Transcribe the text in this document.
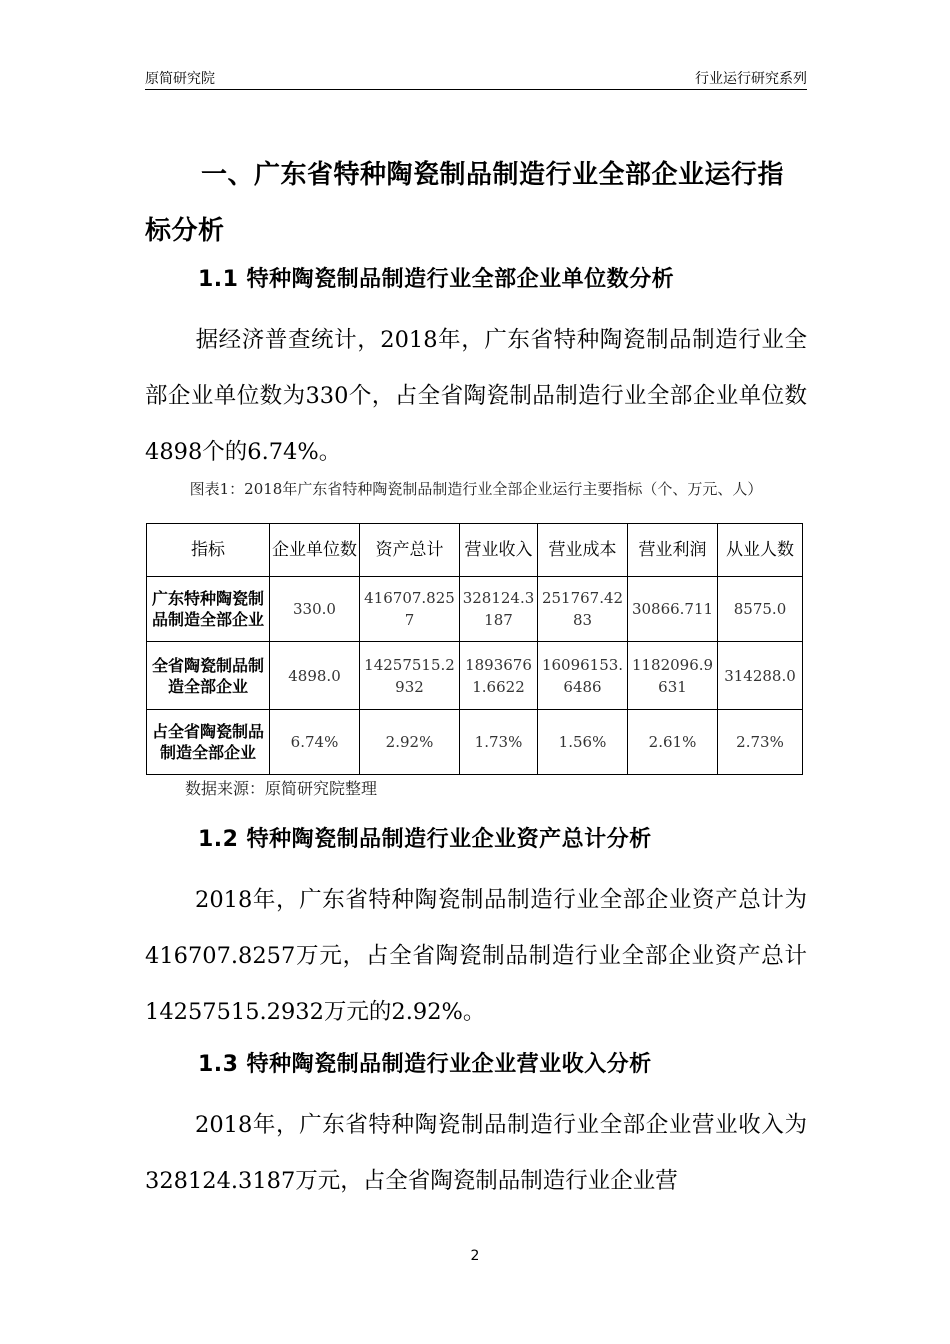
原简研究院	行业运行研究系列
一、广东省特种陶瓷制品制造行业全部企业运行指标分析
1.1 特种陶瓷制品制造行业全部企业单位数分析
据经济普查统计，2018年，广东省特种陶瓷制品制造行业全部企业单位数为330个，占全省陶瓷制品制造行业全部企业单位数4898个的6.74%。
图表1：2018年广东省特种陶瓷制品制造行业全部企业运行主要指标（个、万元、人）
指标	企业单位数	资产总计	营业收入	营业成本	营业利润	从业人数
广东特种陶瓷制品制造全部企业	330.0	416707.8257	328124.3187	251767.4283	30866.711	8575.0
全省陶瓷制品制造全部企业	4898.0	14257515.2932	18936761.6622	16096153.6486	1182096.9631	314288.0
占全省陶瓷制品制造全部企业	6.74%	2.92%	1.73%	1.56%	2.61%	2.73%
数据来源：原简研究院整理
1.2 特种陶瓷制品制造行业企业资产总计分析
2018年，广东省特种陶瓷制品制造行业全部企业资产总计为416707.8257万元，占全省陶瓷制品制造行业全部企业资产总计14257515.2932万元的2.92%。
1.3 特种陶瓷制品制造行业企业营业收入分析
2018年，广东省特种陶瓷制品制造行业全部企业营业收入为328124.3187万元，占全省陶瓷制品制造行业企业营
2
